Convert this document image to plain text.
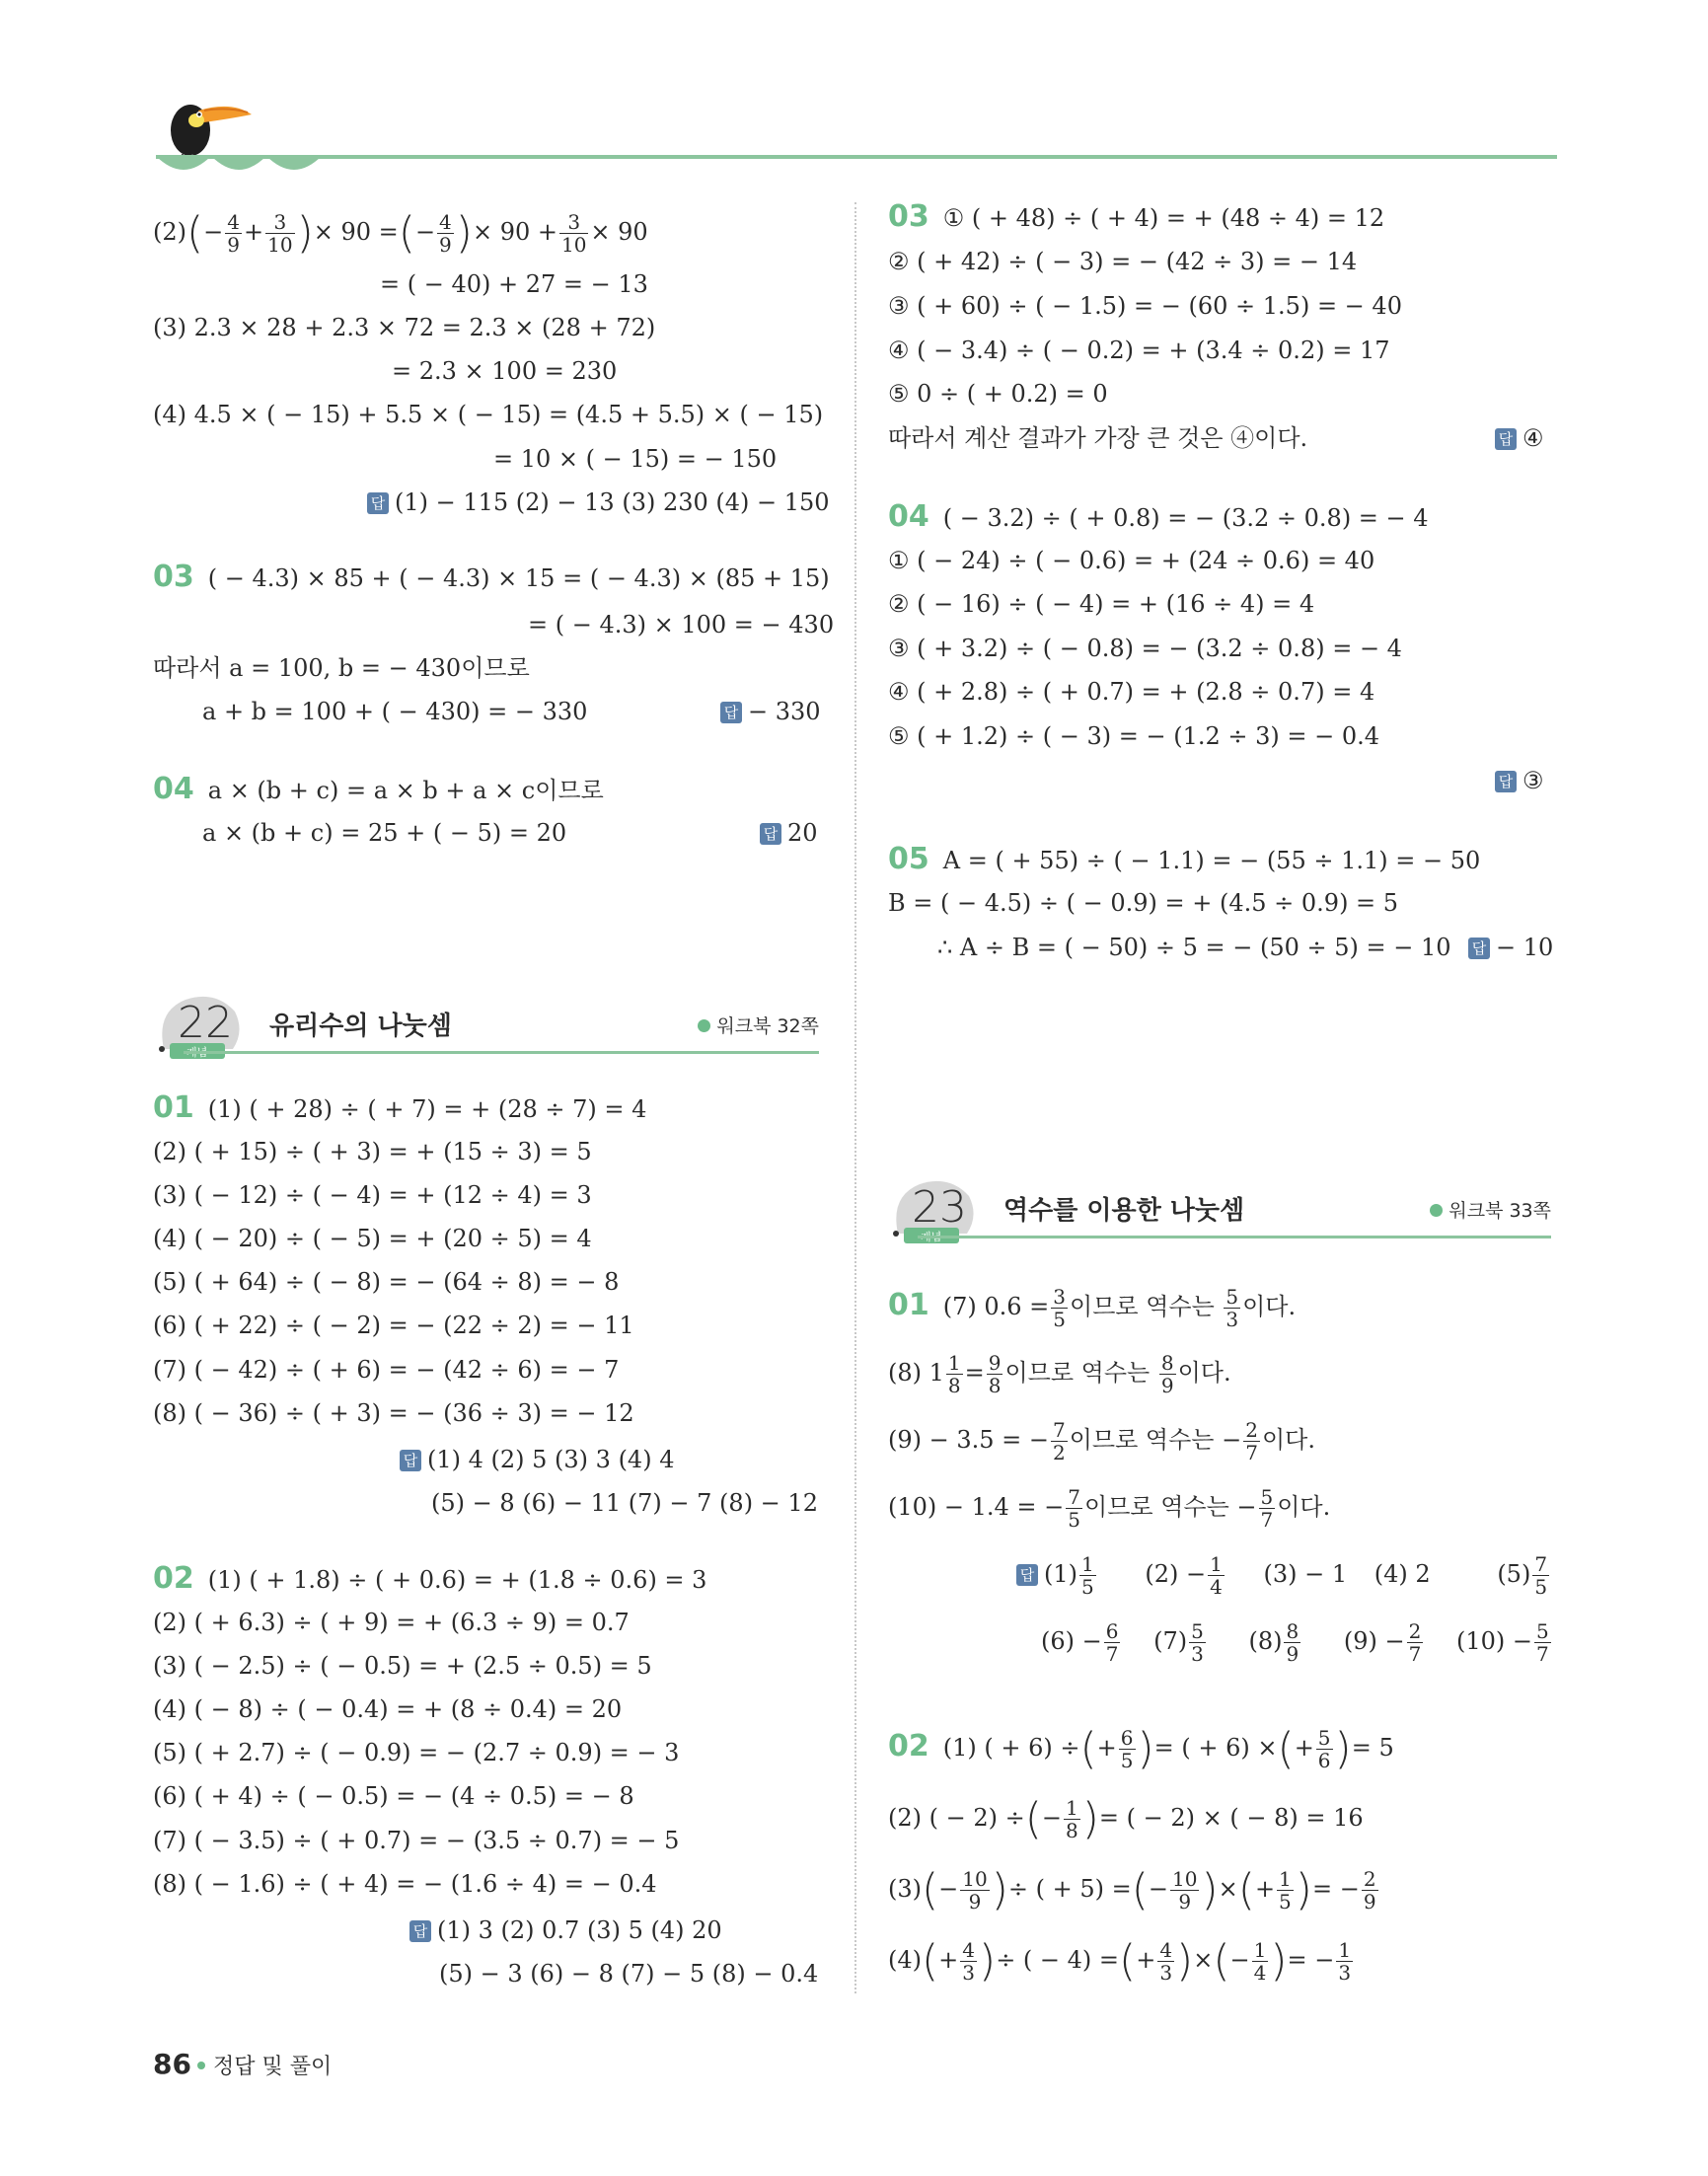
$(2)(- \frac{4}{9} + \frac{3}{10}$ )× 90 =(− $\frac{4}{9}$ )× $90 + \frac{3}{10} \times 90$
= ( − 40) + 27 = − 13
(3) 2.3 × 28 + 2.3 × 72 = 2.3 × (28 + 72)
= 2.3 × 100 = 230
(4) 4.5 × ( − 15) + 5.5 × ( − 15) = (4.5 + 5.5) × ( − 15)
= 10 × ( − 15) = − 150
답 (1) − 115 (2) − 13 (3) 230 (4) − 150
03 ( − 4.3) × 85 + ( − 4.3) × 15 = ( − 4.3) × (85 + 15)
= ( − 4.3) × 100 = − 430
따라서 a = 100, b = − 430이므로
a + b = 100 + ( − 430) = − 330	답 − 330
04 a × (b + c) = a × b + a × c이므로
a × (b + c) = 25 + ( − 5) = 20	답 20
22 유리수의 나눗셈	워크북 32쪽
01 (1) ( + 28) ÷ ( + 7) = + (28 ÷ 7) = 4
(2) ( + 15) ÷ ( + 3) = + (15 ÷ 3) = 5
(3) ( − 12) ÷ ( − 4) = + (12 ÷ 4) = 3
(4) ( − 20) ÷ ( − 5) = + (20 ÷ 5) = 4
(5) ( + 64) ÷ ( − 8) = − (64 ÷ 8) = − 8
(6) ( + 22) ÷ ( − 2) = − (22 ÷ 2) = − 11
(7) ( − 42) ÷ ( + 6) = − (42 ÷ 6) = − 7
(8) ( − 36) ÷ ( + 3) = − (36 ÷ 3) = − 12
답 (1) 4 (2) 5 (3) 3 (4) 4
(5) − 8 (6) − 11 (7) − 7 (8) − 12
02 (1) ( + 1.8) ÷ ( + 0.6) = + (1.8 ÷ 0.6) = 3
(2) ( + 6.3) ÷ ( + 9) = + (6.3 ÷ 9) = 0.7
(3) ( − 2.5) ÷ ( − 0.5) = + (2.5 ÷ 0.5) = 5
(4) ( − 8) ÷ ( − 0.4) = + (8 ÷ 0.4) = 20
(5) ( + 2.7) ÷ ( − 0.9) = − (2.7 ÷ 0.9) = − 3
(6) ( + 4) ÷ ( − 0.5) = − (4 ÷ 0.5) = − 8
(7) ( − 3.5) ÷ ( + 0.7) = − (3.5 ÷ 0.7) = − 5
(8) ( − 1.6) ÷ ( + 4) = − (1.6 ÷ 4) = − 0.4
답 (1) 3 (2) 0.7 (3) 5 (4) 20
(5) − 3 (6) − 8 (7) − 5 (8) − 0.4
03 ① ( + 48) ÷ ( + 4) = + (48 ÷ 4) = 12
② ( + 42) ÷ ( − 3) = − (42 ÷ 3) = − 14
③ ( + 60) ÷ ( − 1.5) = − (60 ÷ 1.5) = − 40
④ ( − 3.4) ÷ ( − 0.2) = + (3.4 ÷ 0.2) = 17
⑤ 0 ÷ ( + 0.2) = 0
따라서 계산 결과가 가장 큰 것은 ④이다.	답 ④
04 ( − 3.2) ÷ ( + 0.8) = − (3.2 ÷ 0.8) = − 4
① ( − 24) ÷ ( − 0.6) = + (24 ÷ 0.6) = 40
② ( − 16) ÷ ( − 4) = + (16 ÷ 4) = 4
③ ( + 3.2) ÷ ( − 0.8) = − (3.2 ÷ 0.8) = − 4
④ ( + 2.8) ÷ ( + 0.7) = + (2.8 ÷ 0.7) = 4
⑤ ( + 1.2) ÷ ( − 3) = − (1.2 ÷ 3) = − 0.4
답 ③
05 A = ( + 55) ÷ ( − 1.1) = − (55 ÷ 1.1) = − 50
B = ( − 4.5) ÷ ( − 0.9) = + (4.5 ÷ 0.9) = 5
∴ A ÷ B = ( − 50) ÷ 5 = − (50 ÷ 5) = − 10 답 − 10
23 역수를 이용한 나눗셈	워크북 33쪽
01 (7) $0.6 = \frac{3}{5}$ 이므로 역수는 $\frac{5}{3}$ 이다.
(8) $1 \frac{1}{8} = \frac{9}{8}$ 이므로 역수는 $\frac{8}{9}$ 이다.
(9) − 3.5 = − $\frac{7}{2}$ 이므로 역수는 − $\frac{2}{7}$ 이다.
(10) − 1.4 = − $\frac{7}{5}$ 이므로 역수는 − $\frac{5}{7}$ 이다.
답 $(1) \frac{1}{5} (2) - \frac{1}{4} (3) - 1$ (4) 2	$(5) \frac{7}{5}$
$(6) - \frac{6}{7} (7) \frac{5}{3} (8) \frac{8}{9} (9) - \frac{2}{7} (10) - \frac{5}{7}$
02 (1) ( + 6) ÷(+ $\frac{6}{5}$ )= ( + 6) ×(+ $\frac{5}{6}$ )= 5
(2) ( − 2) ÷(− $\frac{1}{8}$ )= ( − 2) × ( − 8) = 16
$(3)(- \frac{10}{9}$ )÷ ( + 5) =(− $\frac{10}{9}$ )×(+ $\frac{1}{5}$ )= − $\frac{2}{9}$
$(4)(+ \frac{4}{3}$ )÷ ( − 4) =(+ $\frac{4}{3}$ )×(− $\frac{1}{4}$ )= − $\frac{1}{3}$
86 정답 및 풀이
